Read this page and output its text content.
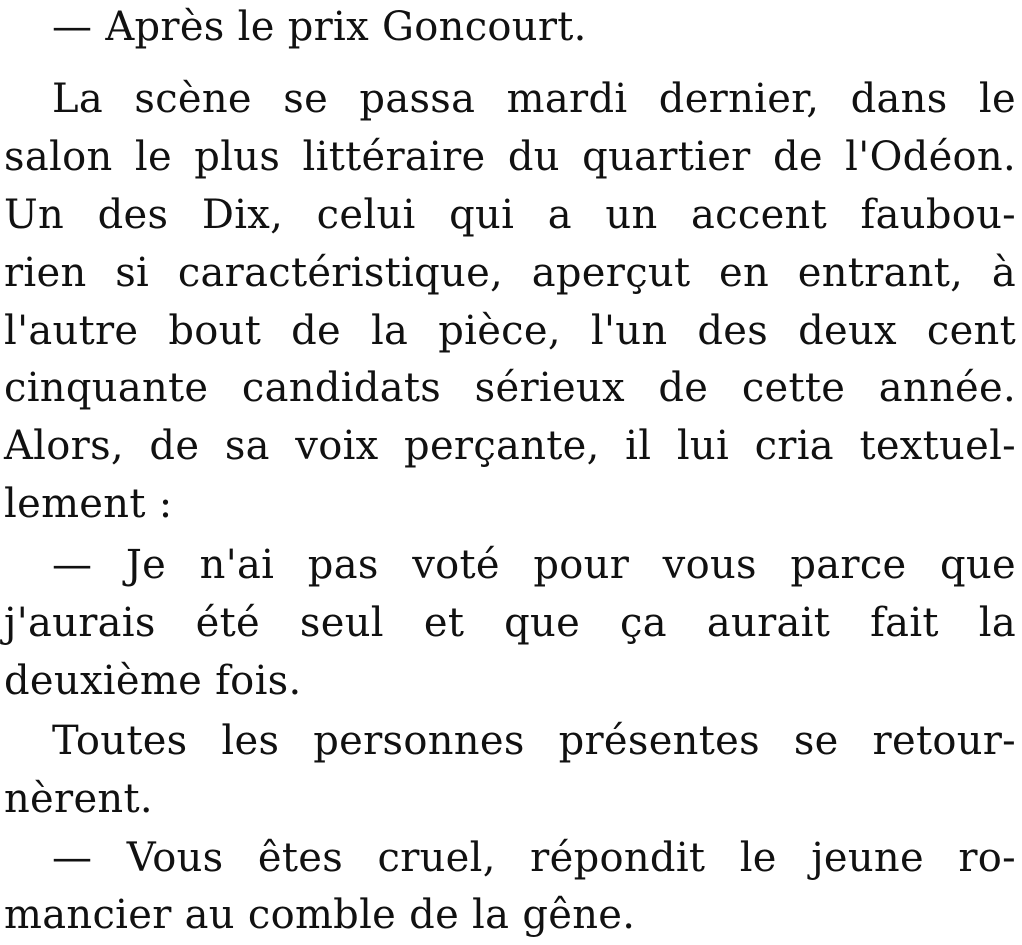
— Après le prix Goncourt.
La scène se passa mardi dernier, dans le
salon le plus littéraire du quartier de l'Odéon.
Un des Dix, celui qui a un accent faubou-
rien si caractéristique, aperçut en entrant, à
l'autre bout de la pièce, l'un des deux cent
cinquante candidats sérieux de cette année.
Alors, de sa voix perçante, il lui cria textuel-
lement :
— Je n'ai pas voté pour vous parce que
j'aurais été seul et que ça aurait fait la
deuxième fois.
Toutes les personnes présentes se retour-
nèrent.
— Vous êtes cruel, répondit le jeune ro-
mancier au comble de la gêne.
